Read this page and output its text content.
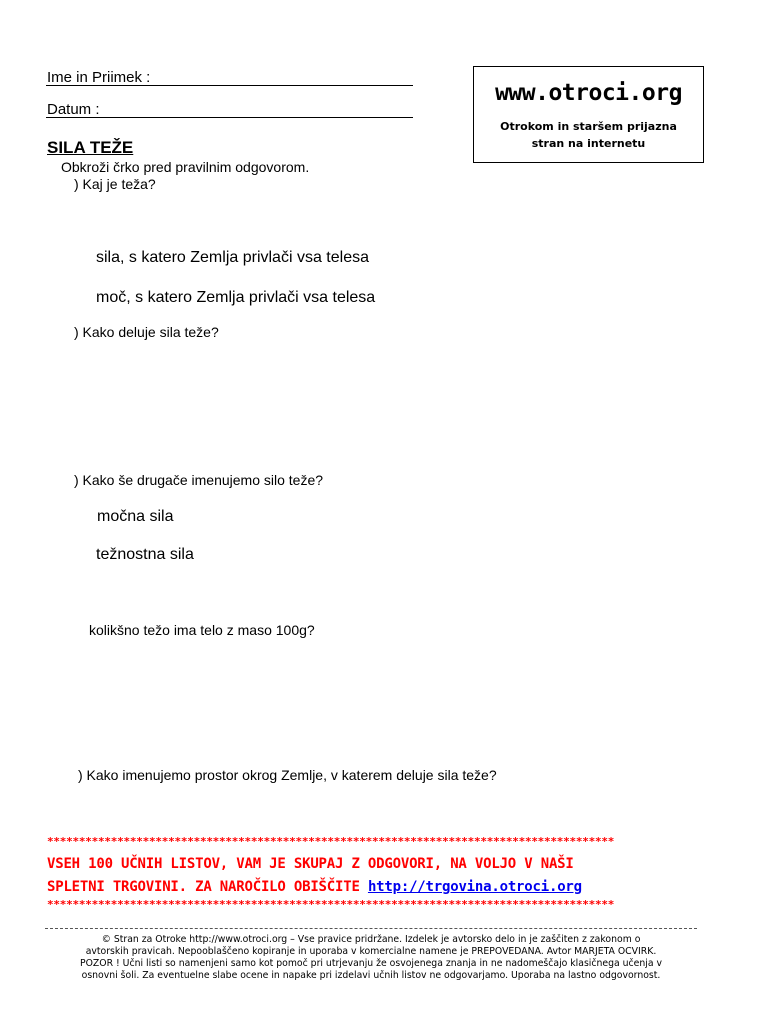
Ime in Priimek :
Datum :
www.otroci.org
Otrokom in staršem prijazna
stran na internetu
SILA TEŽE
Obkroži črko pred pravilnim odgovorom.
) Kaj je teža?
sila, s katero Zemlja privlači vsa telesa
moč, s katero Zemlja privlači vsa telesa
) Kako deluje sila teže?
) Kako še drugače imenujemo silo teže?
močna sila
težnostna sila
kolikšno težo ima telo z maso 100g?
) Kako imenujemo prostor okrog Zemlje, v katerem deluje sila teže?
*****************************************************************************************
VSEH 100 UČNIH LISTOV, VAM JE SKUPAJ Z ODGOVORI, NA VOLJO V NAŠI
SPLETNI TRGOVINI. ZA NAROČILO OBIŠČITE http://trgovina.otroci.org
*****************************************************************************************
© Stran za Otroke http://www.otroci.org – Vse pravice pridržane. Izdelek je avtorsko delo in je zaščiten z zakonom o
avtorskih pravicah. Nepooblaščeno kopiranje in uporaba v komercialne namene je PREPOVEDANA. Avtor MARJETA OCVIRK.
POZOR ! Učni listi so namenjeni samo kot pomoč pri utrjevanju že osvojenega znanja in ne nadomeščajo klasičnega učenja v
osnovni šoli. Za eventuelne slabe ocene in napake pri izdelavi učnih listov ne odgovarjamo. Uporaba na lastno odgovornost.
